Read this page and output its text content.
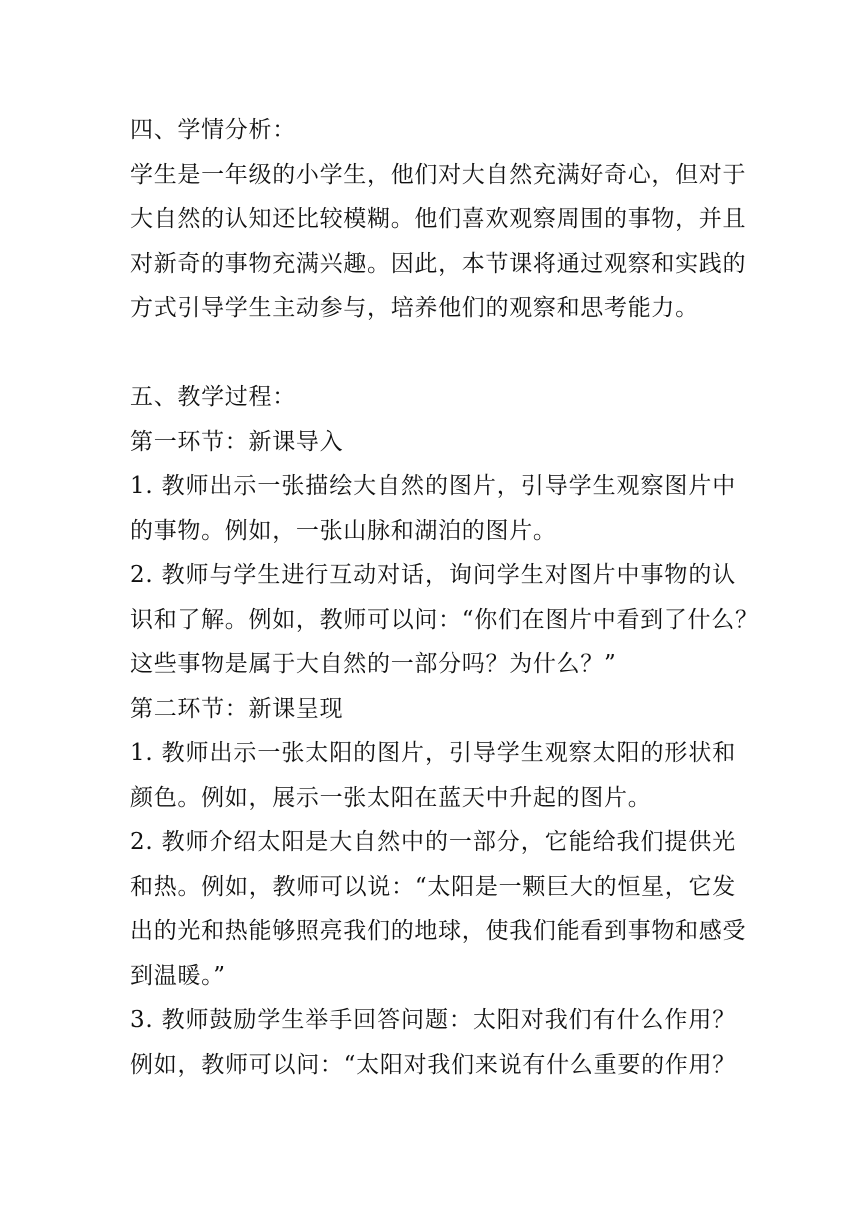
四、学情分析：
学生是一年级的小学生，他们对大自然充满好奇心，但对于
大自然的认知还比较模糊。他们喜欢观察周围的事物，并且
对新奇的事物充满兴趣。因此，本节课将通过观察和实践的
方式引导学生主动参与，培养他们的观察和思考能力。
五、教学过程：
第一环节：新课导入
1. 教师出示一张描绘大自然的图片，引导学生观察图片中
的事物。例如，一张山脉和湖泊的图片。
2. 教师与学生进行互动对话，询问学生对图片中事物的认
识和了解。例如，教师可以问：“你们在图片中看到了什么？
这些事物是属于大自然的一部分吗？为什么？”
第二环节：新课呈现
1. 教师出示一张太阳的图片，引导学生观察太阳的形状和
颜色。例如，展示一张太阳在蓝天中升起的图片。
2. 教师介绍太阳是大自然中的一部分，它能给我们提供光
和热。例如，教师可以说：“太阳是一颗巨大的恒星，它发
出的光和热能够照亮我们的地球，使我们能看到事物和感受
到温暖。”
3. 教师鼓励学生举手回答问题：太阳对我们有什么作用？
例如，教师可以问：“太阳对我们来说有什么重要的作用？
